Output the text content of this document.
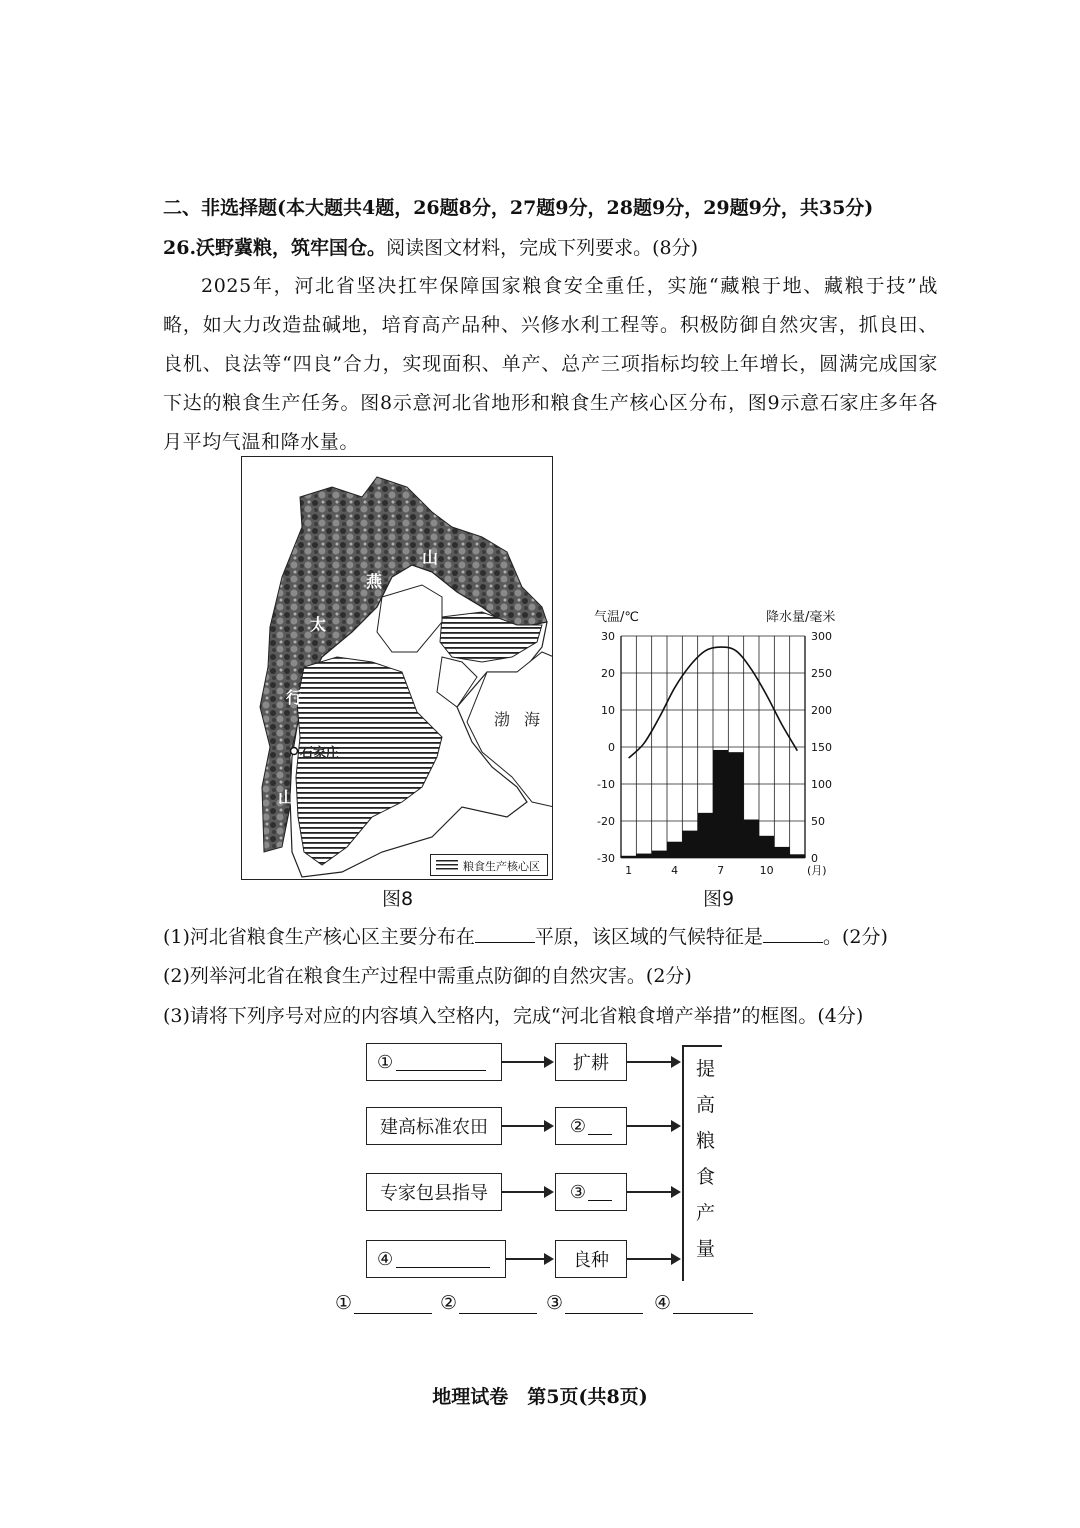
二、非选择题(本大题共4题，26题8分，27题9分，28题9分，29题9分，共35分)
26.沃野冀粮，筑牢国仓。阅读图文材料，完成下列要求。(8分)
2025年，河北省坚决扛牢保障国家粮食安全重任，实施“藏粮于地、藏粮于技”战略，如大力改造盐碱地，培育高产品种、兴修水利工程等。积极防御自然灾害，抓良田、良机、良法等“四良”合力，实现面积、单产、总产三项指标均较上年增长，圆满完成国家下达的粮食生产任务。图8示意河北省地形和粮食生产核心区分布，图9示意石家庄多年各月平均气温和降水量。
燕
山
太
行
山
渤 海
石家庄
粮食生产核心区
图8
气温/℃	降水量/毫米
30
20
10
0
-10
-20
-30
300
250
200
150
100
50
0
1	4	7	10	(月)
图9
(1)河北省粮食生产核心区主要分布在	平原，该区域的气候特征是	。(2分)
(2)列举河北省在粮食生产过程中需重点防御的自然灾害。(2分)
(3)请将下列序号对应的内容填入空格内，完成“河北省粮食增产举措”的框图。(4分)
①
建高标准农田
专家包县指导
④
扩耕
②
③
良种
提
高
粮
食
产
量
①	②	③	④
地理试卷　第5页(共8页)
